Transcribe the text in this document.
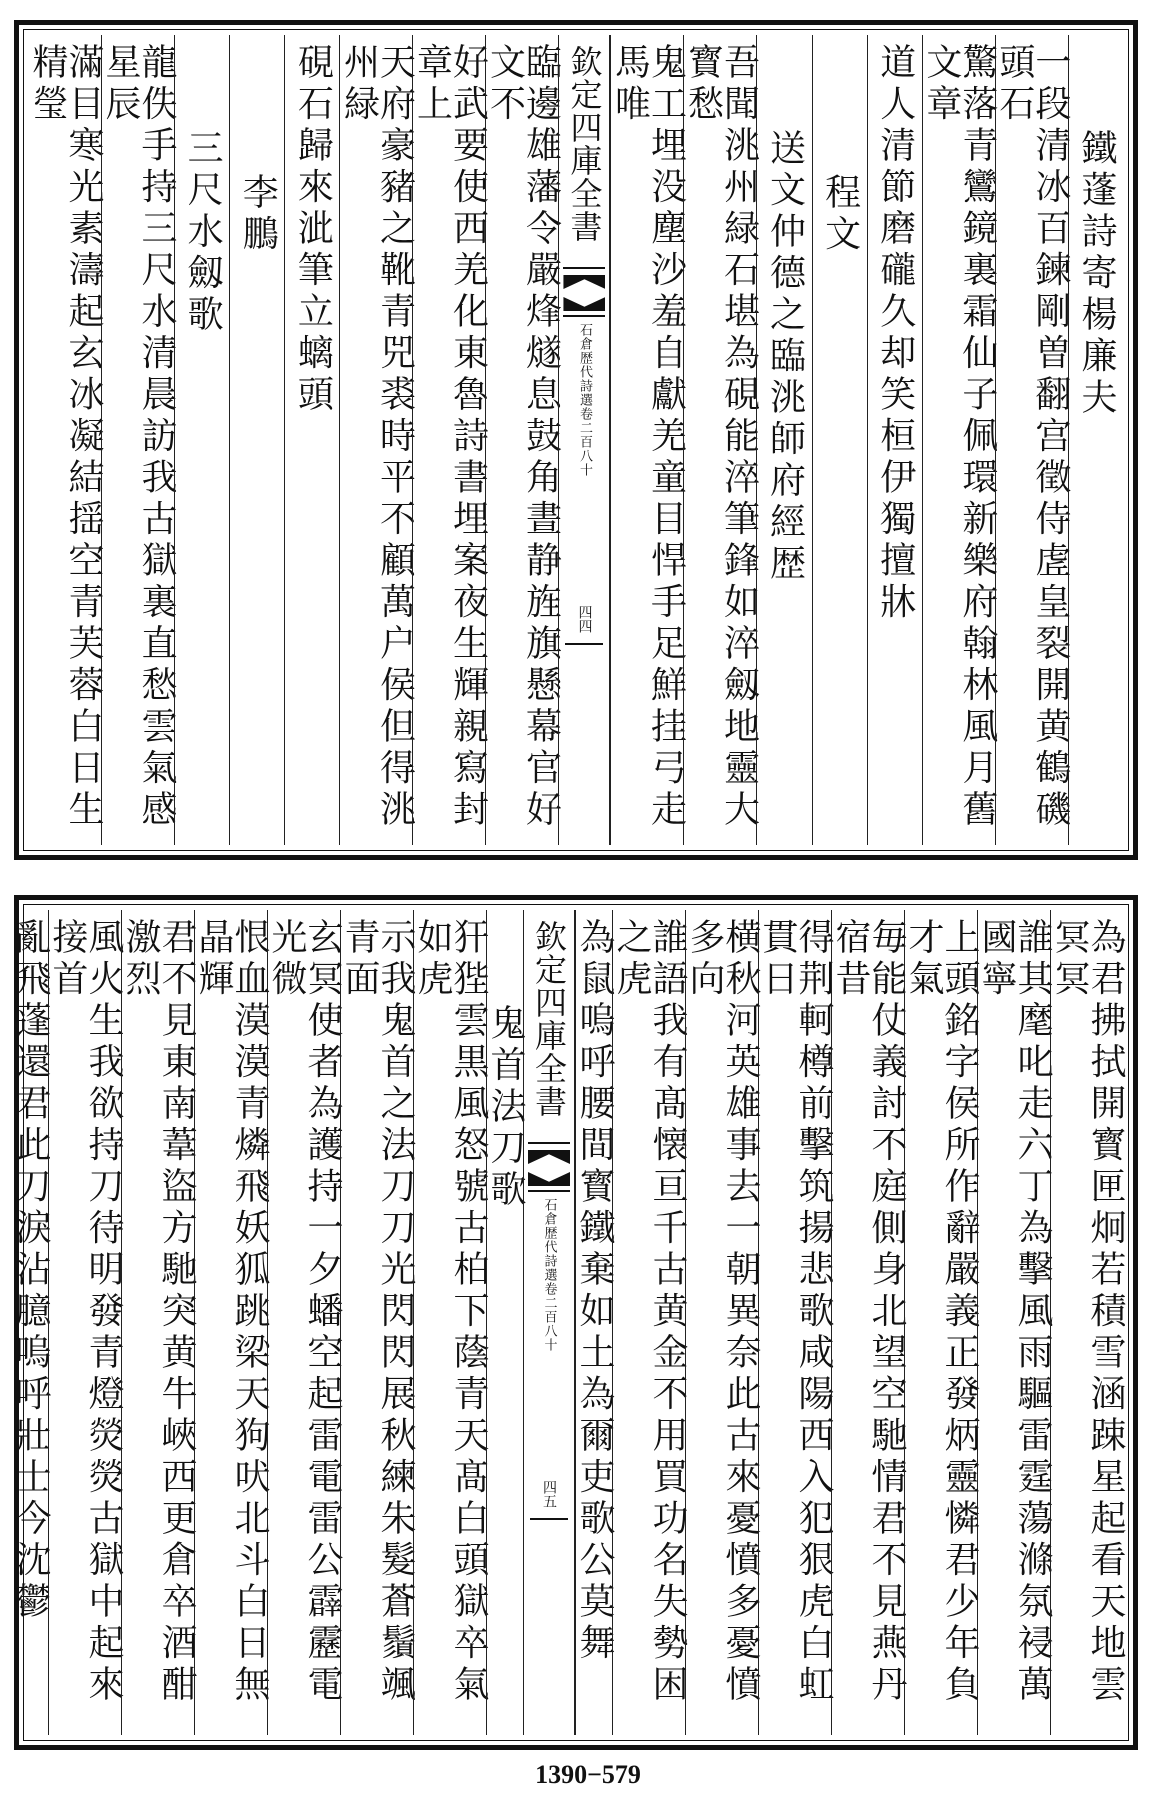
鐵蓬詩寄楊廉夫
一段清冰百鍊剛曽翻宫徵侍虗皇裂開黄鶴磯頭石
驚落青鸞鏡裏霜仙子佩環新樂府翰林風月舊文章
道人清節磨礲久却笑桓伊獨擅牀
程文
送文仲德之臨洮師府經歴
吾聞洮州緑石堪為硯能淬筆鋒如淬劔地靈大寳愁
鬼工埋没塵沙羞自獻羌童目悍手足鮮挂弓走馬唯
欽定四庫全書
石倉歴代詩選
卷二百八十
四四
臨邊雄藩令嚴烽燧息鼓角晝静旌旗懸幕官好文不
好武要使西羌化東魯詩書埋案夜生輝親寫封章上
天府豪豬之靴青兕裘時平不顧萬户侯但得洮州緑
硯石歸來泚筆立螭頭
李鵬
三尺水劔歌
龍佚手持三尺水清晨訪我古獄裏直愁雲氣感星辰
滿目寒光素濤起玄冰凝結揺空青芙蓉白日生精瑩
為君拂拭開寳匣炯若積雪涵踈星起看天地雲冥冥
誰其麾叱走六丁為擊風雨驅雷霆蕩滌氛祲萬國寧
上頭銘字侯所作辭嚴義正發炳靈憐君少年負才氣
毎能仗義討不庭側身北望空馳情君不見燕丹宿昔
得荆軻樽前擊筑揚悲歌咸陽西入犯狠虎白虹貫日
横秋河英雄事去一朝異奈此古來憂憤多憂憤多向
誰語我有髙懐亘千古黄金不用買功名失勢困之虎
為鼠嗚呼腰間寳鐵棄如土為爾吏歌公莫舞
欽定四庫全書
石倉歴代詩選
卷二百八十
四五
鬼首法刀歌
犴狴雲黒風怒號古柏下蔭青天髙白頭獄卒氣如虎
示我鬼首之法刀刀光閃閃展秋練朱髮蒼鬚颯青面
玄冥使者為護持一夕蟠空起雷電雷公霹靂電光微
恨血漠漠青燐飛妖狐跳梁天狗吠北斗白日無晶輝
君不見東南葦盜方馳突黄牛峽西更倉卒酒酣激烈
風火生我欲持刀待明發青燈熒熒古獄中起來接首
亂飛蓬還君此刀淚沾臆嗚呼壯士今沈鬱
1390−579
